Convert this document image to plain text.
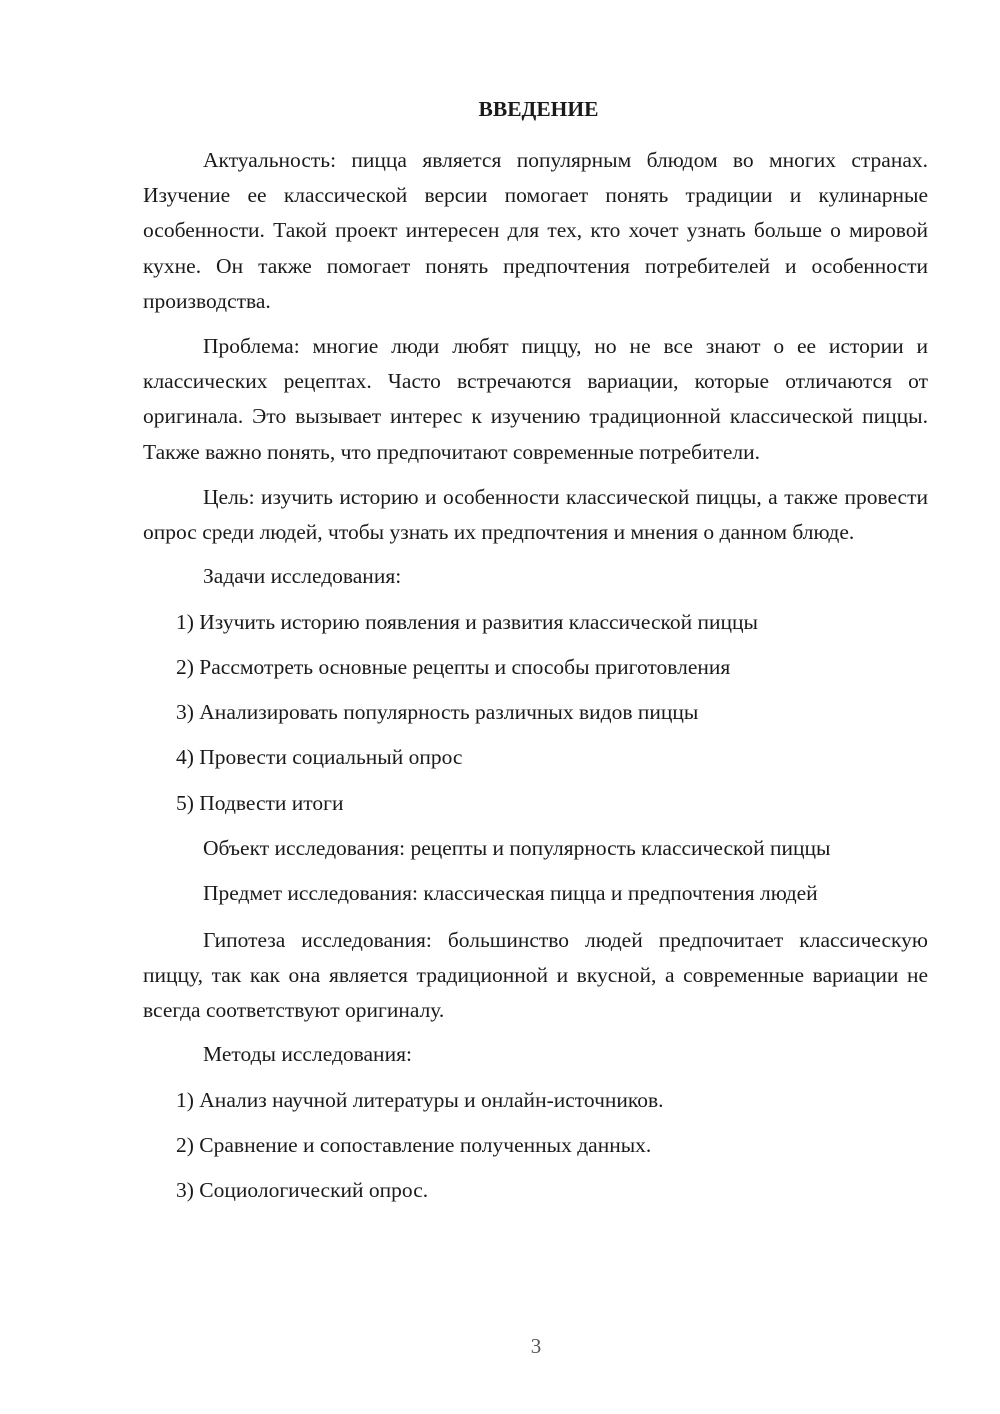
ВВЕДЕНИЕ

Актуальность: пицца является популярным блюдом во многих странах. Изучение ее классической версии помогает понять традиции и кулинарные особенности. Такой проект интересен для тех, кто хочет узнать больше о мировой кухне. Он также помогает понять предпочтения потребителей и особенности производства.

Проблема: многие люди любят пиццу, но не все знают о ее истории и классических рецептах. Часто встречаются вариации, которые отличаются от оригинала. Это вызывает интерес к изучению традиционной классической пиццы. Также важно понять, что предпочитают современные потребители.

Цель: изучить историю и особенности классической пиццы, а также провести опрос среди людей, чтобы узнать их предпочтения и мнения о данном блюде.

Задачи исследования:

1) Изучить историю появления и развития классической пиццы

2) Рассмотреть основные рецепты и способы приготовления

3) Анализировать популярность различных видов пиццы

4) Провести социальный опрос

5) Подвести итоги

Объект исследования: рецепты и популярность классической пиццы

Предмет исследования: классическая пицца и предпочтения людей

Гипотеза исследования: большинство людей предпочитает классическую пиццу, так как она является традиционной и вкусной, а современные вариации не всегда соответствуют оригиналу.

Методы исследования:

1) Анализ научной литературы и онлайн-источников.

2) Сравнение и сопоставление полученных данных.

3) Социологический опрос.

3
